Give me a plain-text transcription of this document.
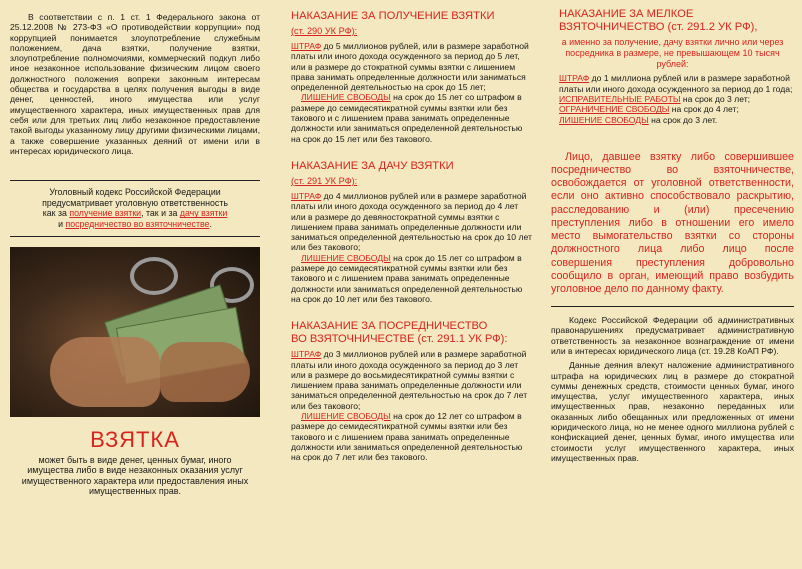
В соответствии с п. 1 ст. 1 Федерального закона от 25.12.2008 № 273-ФЗ «О противодействии коррупции» под коррупцией понимается злоупотребление служебным положением, дача взятки, получение взятки, злоупотребление полномочиями, коммерческий подкуп либо иное незаконное использование физическим лицом своего должностного положения вопреки законным интересам общества и государства в целях получения выгоды в виде денег, ценностей, иного имущества или услуг имущественного характера, иных имущественных прав для себя или для третьих лиц либо незаконное предоставление такой выгоды указанному лицу другими физическими лицами, а также совершение указанных деяний от имени или в интересах юридического лица.

Уголовный кодекс Российской Федерации
предусматривает уголовную ответственность
как за получение взятки, так и за дачу взятки
и посредничество во взяточничестве.
ВЗЯТКА

может быть в виде денег, ценных бумаг, иного имущества либо в виде незаконных оказания услуг имущественного характера или предоставления иных имущественных прав.

НАКАЗАНИЕ ЗА ПОЛУЧЕНИЕ ВЗЯТКИ
(ст. 290 УК РФ):

ШТРАФ до 5 миллионов рублей, или в размере заработной платы или иного дохода осужденного за период до 5 лет, или в размере до стократной суммы взятки с лишением права занимать определенные должности или заниматься определенной деятельностью на срок до 15 лет;

ЛИШЕНИЕ СВОБОДЫ на срок до 15 лет со штрафом в размере до семидесятикратной суммы взятки или без такового и с лишением права занимать определенные должности или заниматься определенной деятельностью на срок до 15 лет или без такового.

НАКАЗАНИЕ ЗА ДАЧУ ВЗЯТКИ
(ст. 291 УК РФ):

ШТРАФ до 4 миллионов рублей или в размере заработной платы или иного дохода осужденного за период до 4 лет или в размере до девяностократной суммы взятки с лишением права занимать определенные должности или заниматься определенной деятельностью на срок до 10 лет или без такового;

ЛИШЕНИЕ СВОБОДЫ на срок до 15 лет со штрафом в размере до семидесятикратной суммы взятки или без такового и с лишением права занимать определенные должности или заниматься определенной деятельностью на срок до 10 лет или без такового.

НАКАЗАНИЕ ЗА ПОСРЕДНИЧЕСТВО
ВО ВЗЯТОЧНИЧЕСТВЕ (ст. 291.1 УК РФ):

ШТРАФ до 3 миллионов рублей или в размере заработной платы или иного дохода осужденного за период до 3 лет или в размере до восьмидесятикратной суммы взятки с лишением права занимать определенные должности или заниматься определенной деятельностью на срок до 7 лет или без такового;

ЛИШЕНИЕ СВОБОДЫ на срок до 12 лет со штрафом в размере до семидесятикратной суммы взятки или без такового и с лишением права занимать определенные должности или заниматься определенной деятельностью на срок до 7 лет или без такового.

НАКАЗАНИЕ ЗА МЕЛКОЕ
ВЗЯТОЧНИЧЕСТВО (ст. 291.2 УК РФ),

а именно за получение, дачу взятки лично или через посредника в размере, не превышающем 10 тысяч рублей:

ШТРАФ до 1 миллиона рублей или в размере заработной платы или иного дохода осужденного за период до 1 года;

ИСПРАВИТЕЛЬНЫЕ РАБОТЫ на срок до 3 лет;

ОГРАНИЧЕНИЕ СВОБОДЫ на срок до 4 лет;

ЛИШЕНИЕ СВОБОДЫ на срок до 3 лет.

Лицо, давшее взятку либо совершившее посредничество во взяточничестве, освобождается от уголовной ответственности, если оно активно способствовало раскрытию, расследованию и (или) пресечению преступления либо в отношении его имело место вымогательство взятки со стороны должностного лица либо лицо после совершения преступления добровольно сообщило в орган, имеющий право возбудить уголовное дело по данному факту.

Кодекс Российской Федерации об административных правонарушениях предусматривает административную ответственность за незаконное вознаграждение от имени или в интересах юридического лица (ст. 19.28 КоАП РФ).

Данные деяния влекут наложение административного штрафа на юридических лиц в размере до стократной суммы денежных средств, стоимости ценных бумаг, иного имущества, услуг имущественного характера, иных имущественных прав, незаконно переданных или оказанных либо обещанных или предложенных от имени юридического лица, но не менее одного миллиона рублей с конфискацией денег, ценных бумаг, иного имущества или стоимости услуг имущественного характера, иных имущественных прав.
